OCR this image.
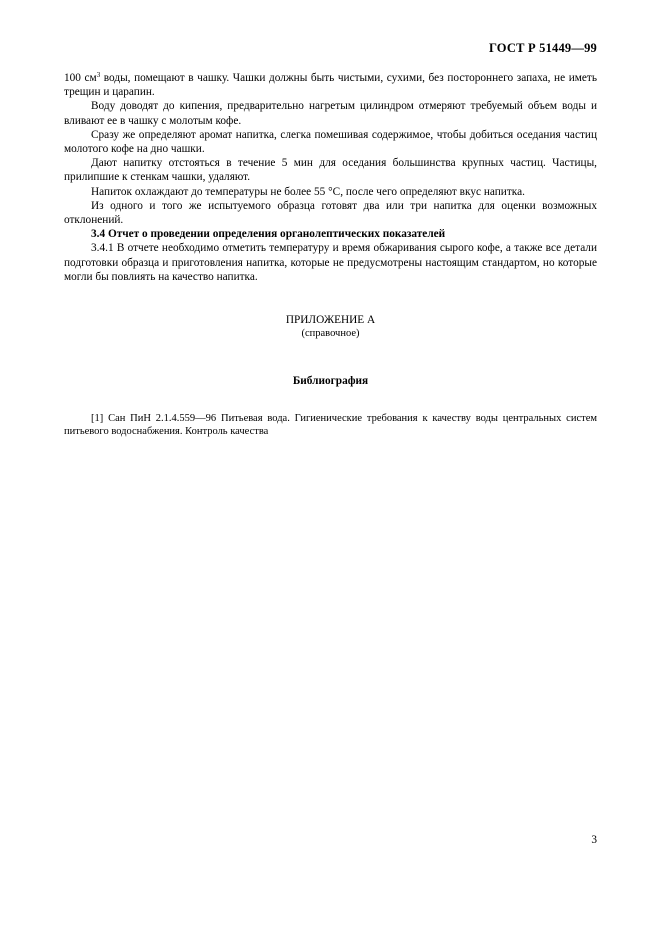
ГОСТ Р 51449—99

100 $см^3$ воды, помещают в чашку. Чашки должны быть чистыми, сухими, без постороннего запаха, не иметь трещин и царапин.

Воду доводят до кипения, предварительно нагретым цилиндром отмеряют требуемый объем воды и вливают ее в чашку с молотым кофе.

Сразу же определяют аромат напитка, слегка помешивая содержимое, чтобы добиться оседания частиц молотого кофе на дно чашки.

Дают напитку отстояться в течение 5 мин для оседания большинства крупных частиц. Частицы, прилипшие к стенкам чашки, удаляют.

Напиток охлаждают до температуры не более 55 °С, после чего определяют вкус напитка.

Из одного и того же испытуемого образца готовят два или три напитка для оценки возможных отклонений.

3.4 Отчет о проведении определения органолептических показателей

3.4.1 В отчете необходимо отметить температуру и время обжаривания сырого кофе, а также все детали подготовки образца и приготовления напитка, которые не предусмотрены настоящим стандартом, но которые могли бы повлиять на качество напитка.

ПРИЛОЖЕНИЕ А
(справочное)
Библиография

[1] Сан ПиН 2.1.4.559—96 Питьевая вода. Гигиенические требования к качеству воды центральных систем питьевого водоснабжения. Контроль качества

3
